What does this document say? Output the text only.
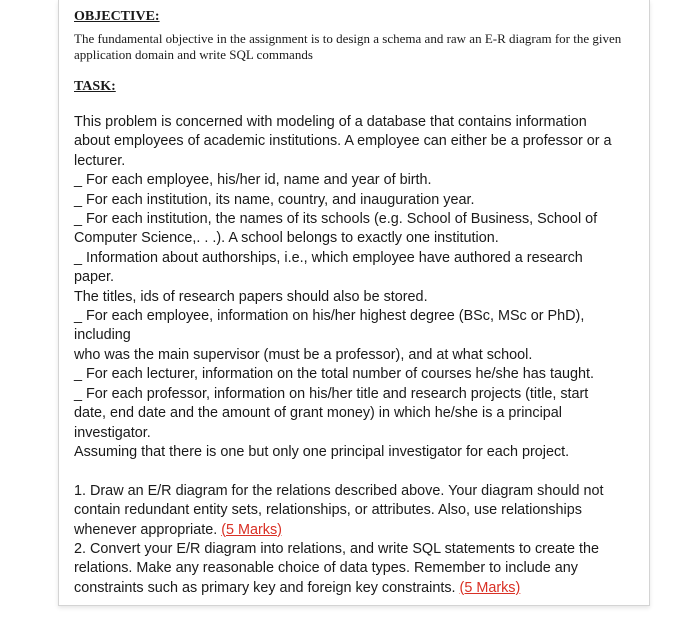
OBJECTIVE:

The fundamental objective in the assignment is to design a schema and raw an E-R diagram for the given application domain and write SQL commands

TASK:
This problem is concerned with modeling of a database that contains information
about employees of academic institutions. A employee can either be a professor or a
lecturer.
_ For each employee, his/her id, name and year of birth.
_ For each institution, its name, country, and inauguration year.
_ For each institution, the names of its schools (e.g. School of Business, School of
Computer Science,. . .). A school belongs to exactly one institution.
_ Information about authorships, i.e., which employee have authored a research
paper.
The titles, ids of research papers should also be stored.
_ For each employee, information on his/her highest degree (BSc, MSc or PhD),
including
who was the main supervisor (must be a professor), and at what school.
_ For each lecturer, information on the total number of courses he/she has taught.
_ For each professor, information on his/her title and research projects (title, start
date, end date and the amount of grant money) in which he/she is a principal
investigator.
Assuming that there is one but only one principal investigator for each project.
1. Draw an E/R diagram for the relations described above. Your diagram should not
contain redundant entity sets, relationships, or attributes. Also, use relationships
whenever appropriate. (5 Marks)
2. Convert your E/R diagram into relations, and write SQL statements to create the
relations. Make any reasonable choice of data types. Remember to include any
constraints such as primary key and foreign key constraints. (5 Marks)
